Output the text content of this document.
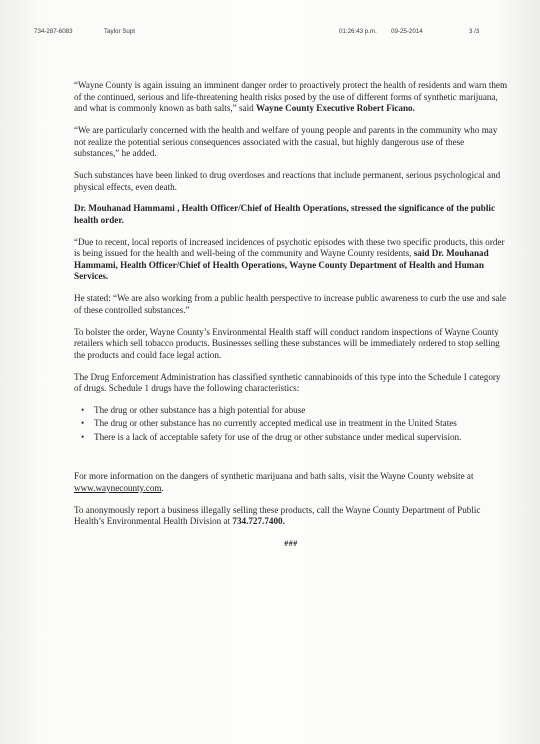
734-287-6083	Taylor Supt	01:26:43 p.m. 09-25-2014	3 /3

“Wayne County is again issuing an imminent danger order to proactively protect the health of residents and warn them of the continued, serious and life-threatening health risks posed by the use of different forms of synthetic marijuana, and what is commonly known as bath salts,” said Wayne County Executive Robert Ficano.

“We are particularly concerned with the health and welfare of young people and parents in the community who may not realize the potential serious consequences associated with the casual, but highly dangerous use of these substances,” he added.

Such substances have been linked to drug overdoses and reactions that include permanent, serious psychological and physical effects, even death.

Dr. Mouhanad Hammami , Health Officer/Chief of Health Operations, stressed the significance of the public health order.

“Due to recent, local reports of increased incidences of psychotic episodes with these two specific products, this order is being issued for the health and well-being of the community and Wayne County residents, said Dr. Mouhanad Hammami, Health Officer/Chief of Health Operations, Wayne County Department of Health and Human Services.

He stated: “We are also working from a public health perspective to increase public awareness to curb the use and sale of these controlled substances.”

To bolster the order, Wayne County’s Environmental Health staff will conduct random inspections of Wayne County retailers which sell tobacco products. Businesses selling these substances will be immediately ordered to stop selling the products and could face legal action.

The Drug Enforcement Administration has classified synthetic cannabinoids of this type into the Schedule I category of drugs. Schedule 1 drugs have the following characteristics:

• The drug or other substance has a high potential for abuse
• The drug or other substance has no currently accepted medical use in treatment in the United States
• There is a lack of acceptable safety for use of the drug or other substance under medical supervision.

For more information on the dangers of synthetic marijuana and bath salts, visit the Wayne County website at www.waynecounty.com.

To anonymously report a business illegally selling these products, call the Wayne County Department of Public Health’s Environmental Health Division at 734.727.7400.

###
